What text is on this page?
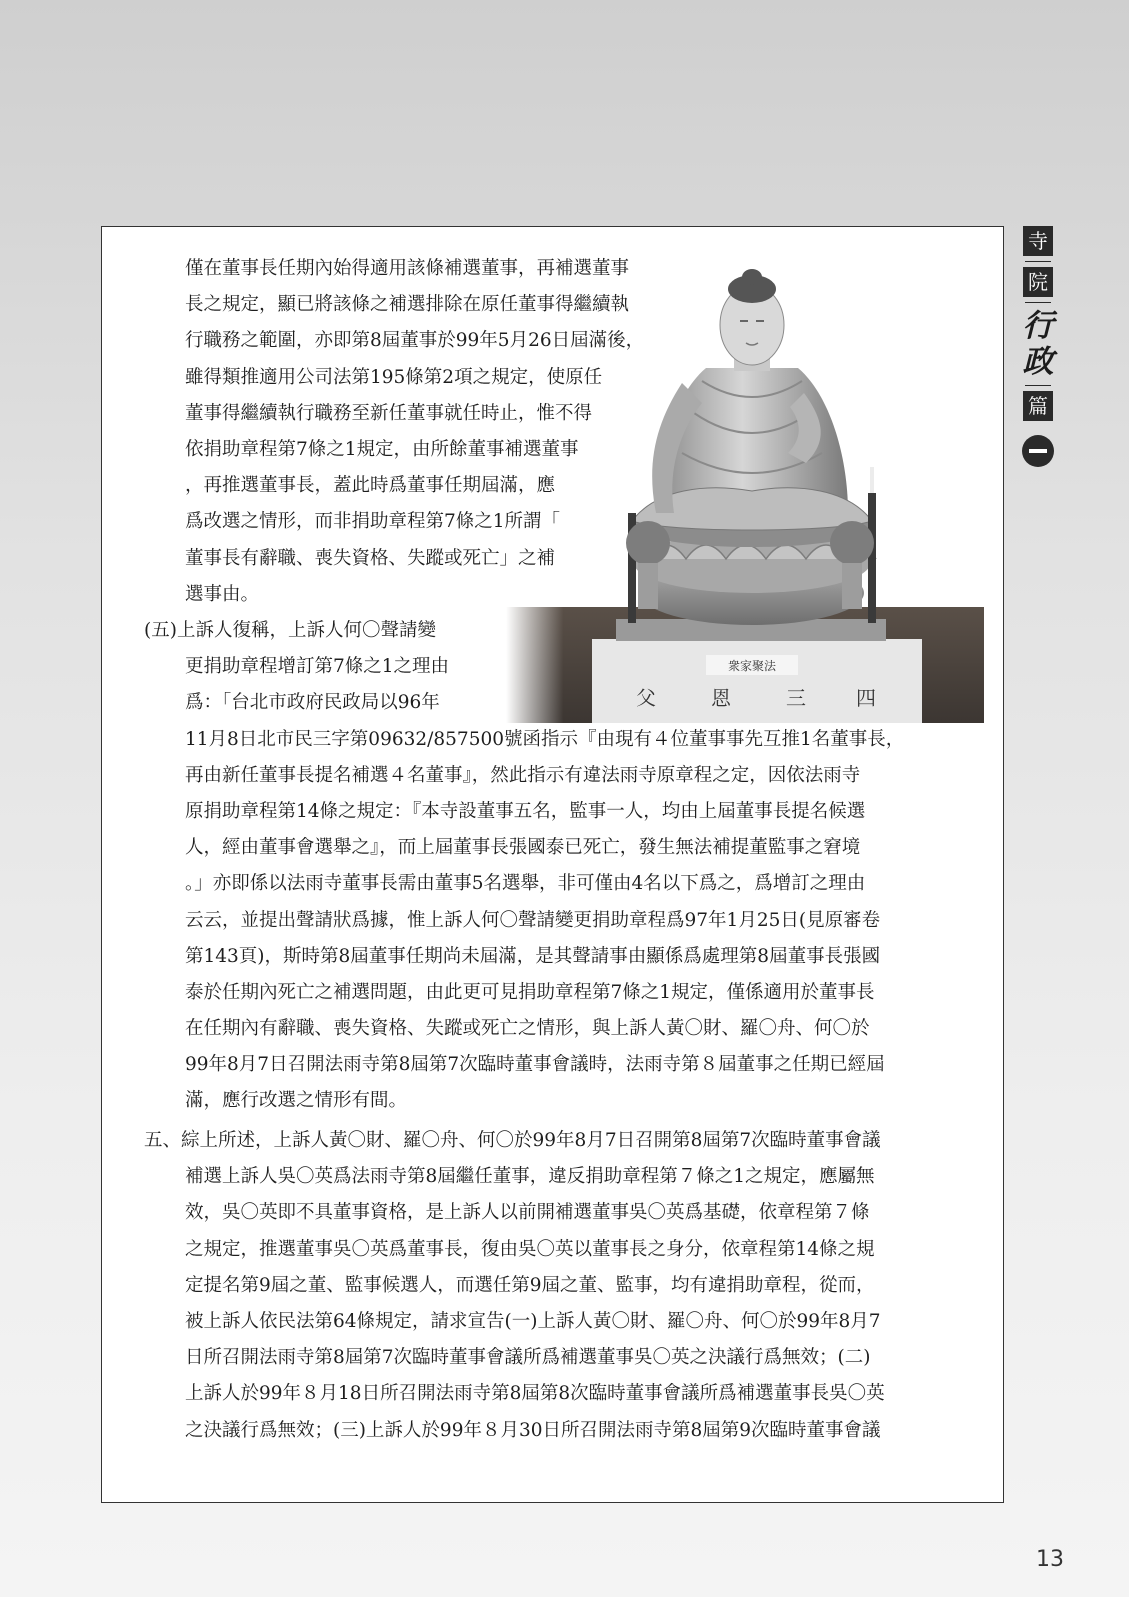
寺
院
行
政
篇
僅在董事長任期內始得適用該條補選董事，再補選董事
長之規定，顯已將該條之補選排除在原任董事得繼續執
行職務之範圍，亦即第8屆董事於99年5月26日屆滿後，
雖得類推適用公司法第195條第2項之規定，使原任
董事得繼續執行職務至新任董事就任時止，惟不得
依捐助章程第7條之1規定，由所餘董事補選董事
，再推選董事長，蓋此時爲董事任期屆滿，應
爲改選之情形，而非捐助章程第7條之1所謂「
董事長有辭職、喪失資格、失蹤或死亡」之補
選事由。
(五)上訴人復稱，上訴人何〇聲請變
更捐助章程增訂第7條之1之理由
爲：「台北市政府民政局以96年
11月8日北市民三字第09632/857500號函指示『由現有４位董事事先互推1名董事長，
再由新任董事長提名補選４名董事』，然此指示有違法雨寺原章程之定，因依法雨寺
原捐助章程第14條之規定：『本寺設董事五名，監事一人，均由上屆董事長提名候選
人，經由董事會選舉之』，而上屆董事長張國泰已死亡，發生無法補提董監事之窘境
。」亦即係以法雨寺董事長需由董事5名選舉，非可僅由4名以下爲之，爲增訂之理由
云云，並提出聲請狀爲據，惟上訴人何〇聲請變更捐助章程爲97年1月25日(見原審卷
第143頁)，斯時第8屆董事任期尚未屆滿，是其聲請事由顯係爲處理第8屆董事長張國
泰於任期內死亡之補選問題，由此更可見捐助章程第7條之1規定，僅係適用於董事長
在任期內有辭職、喪失資格、失蹤或死亡之情形，與上訴人黃〇財、羅〇舟、何〇於
99年8月7日召開法雨寺第8屆第7次臨時董事會議時，法雨寺第８屆董事之任期已經屆
滿，應行改選之情形有間。
五、綜上所述，上訴人黃〇財、羅〇舟、何〇於99年8月7日召開第8屆第7次臨時董事會議
補選上訴人吳〇英爲法雨寺第8屆繼任董事，違反捐助章程第７條之1之規定，應屬無
效，吳〇英即不具董事資格，是上訴人以前開補選董事吳〇英爲基礎，依章程第７條
之規定，推選董事吳〇英爲董事長，復由吳〇英以董事長之身分，依章程第14條之規
定提名第9屆之董、監事候選人，而選任第9屆之董、監事，均有違捐助章程，從而，
被上訴人依民法第64條規定，請求宣告(一)上訴人黃〇財、羅〇舟、何〇於99年8月7
日所召開法雨寺第8屆第7次臨時董事會議所爲補選董事吳〇英之決議行爲無效；(二)
上訴人於99年８月18日所召開法雨寺第8屆第8次臨時董事會議所爲補選董事長吳〇英
之決議行爲無效；(三)上訴人於99年８月30日所召開法雨寺第8屆第9次臨時董事會議
13
